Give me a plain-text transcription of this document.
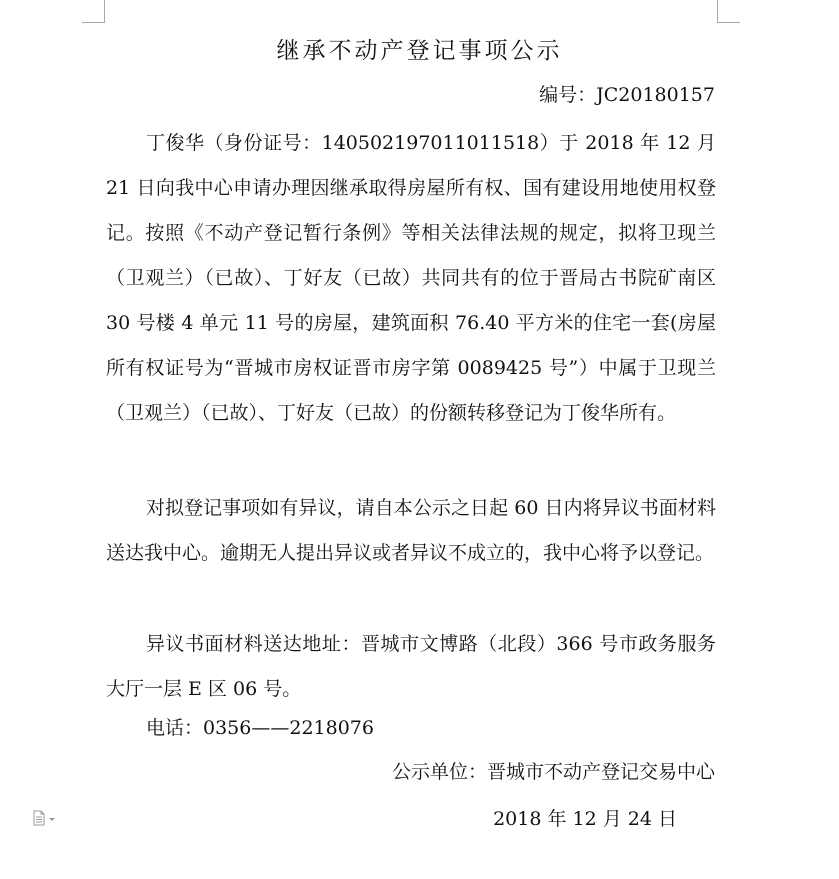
继承不动产登记事项公示

编号：JC20180157

丁俊华（身份证号：140502197011011518）于 2018 年 12 月 21 日向我中心申请办理因继承取得房屋所有权、国有建设用地使用权登记。按照《不动产登记暂行条例》等相关法律法规的规定，拟将卫现兰（卫观兰）（已故）、丁好友（已故）共同共有的位于晋局古书院矿南区 30 号楼 4 单元 11 号的房屋，建筑面积 76.40 平方米的住宅一套(房屋所有权证号为“晋城市房权证晋市房字第 0089425 号”）中属于卫现兰（卫观兰）（已故）、丁好友（已故）的份额转移登记为丁俊华所有。

对拟登记事项如有异议，请自本公示之日起 60 日内将异议书面材料送达我中心。逾期无人提出异议或者异议不成立的，我中心将予以登记。

异议书面材料送达地址：晋城市文博路（北段）366 号市政务服务大厅一层 E 区 06 号。

电话：0356——2218076

公示单位：晋城市不动产登记交易中心

2018 年 12 月 24 日
